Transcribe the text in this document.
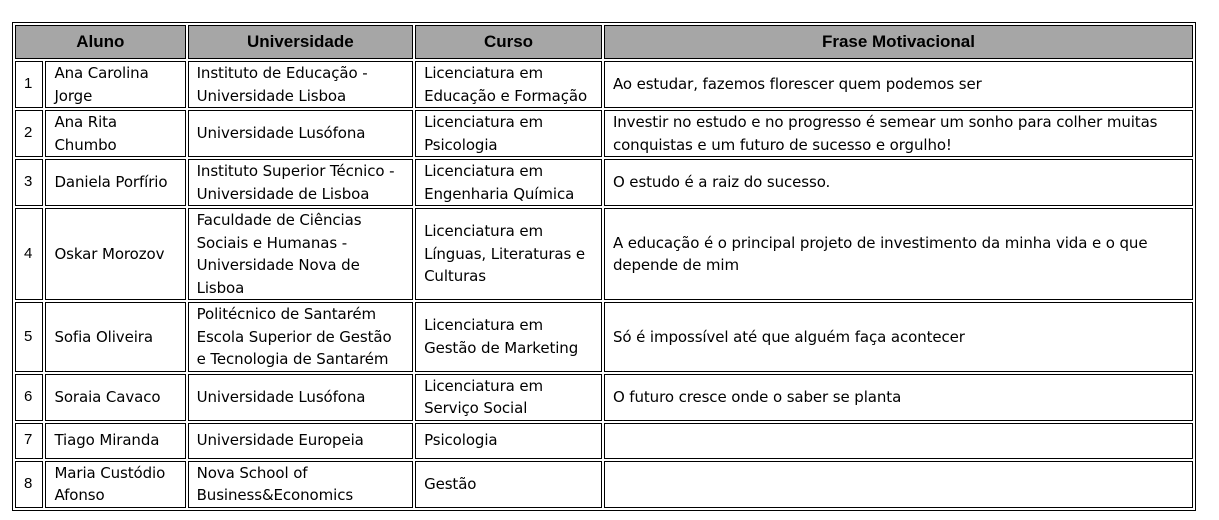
Aluno		Universidade	Curso	Frase Motivacional
1	Ana Carolina Jorge	Instituto de Educação - Universidade Lisboa	Licenciatura em Educação e Formação	Ao estudar, fazemos florescer quem podemos ser
2	Ana Rita Chumbo	Universidade Lusófona	Licenciatura em Psicologia	Investir no estudo e no progresso é semear um sonho para colher muitas conquistas e um futuro de sucesso e orgulho!
3	Daniela Porfírio	Instituto Superior Técnico - Universidade de Lisboa	Licenciatura em Engenharia Química	O estudo é a raiz do sucesso.
4	Oskar Morozov	Faculdade de Ciências Sociais e Humanas - Universidade Nova de Lisboa	Licenciatura em Línguas, Literaturas e Culturas	A educação é o principal projeto de investimento da minha vida e o que depende de mim
5	Sofia Oliveira	Politécnico de Santarém Escola Superior de Gestão e Tecnologia de Santarém	Licenciatura em Gestão de Marketing	Só é impossível até que alguém faça acontecer
6	Soraia Cavaco	Universidade Lusófona	Licenciatura em Serviço Social	O futuro cresce onde o saber se planta
7	Tiago Miranda	Universidade Europeia	Psicologia	
8	Maria Custódio Afonso	Nova School of Business&Economics	Gestão	
